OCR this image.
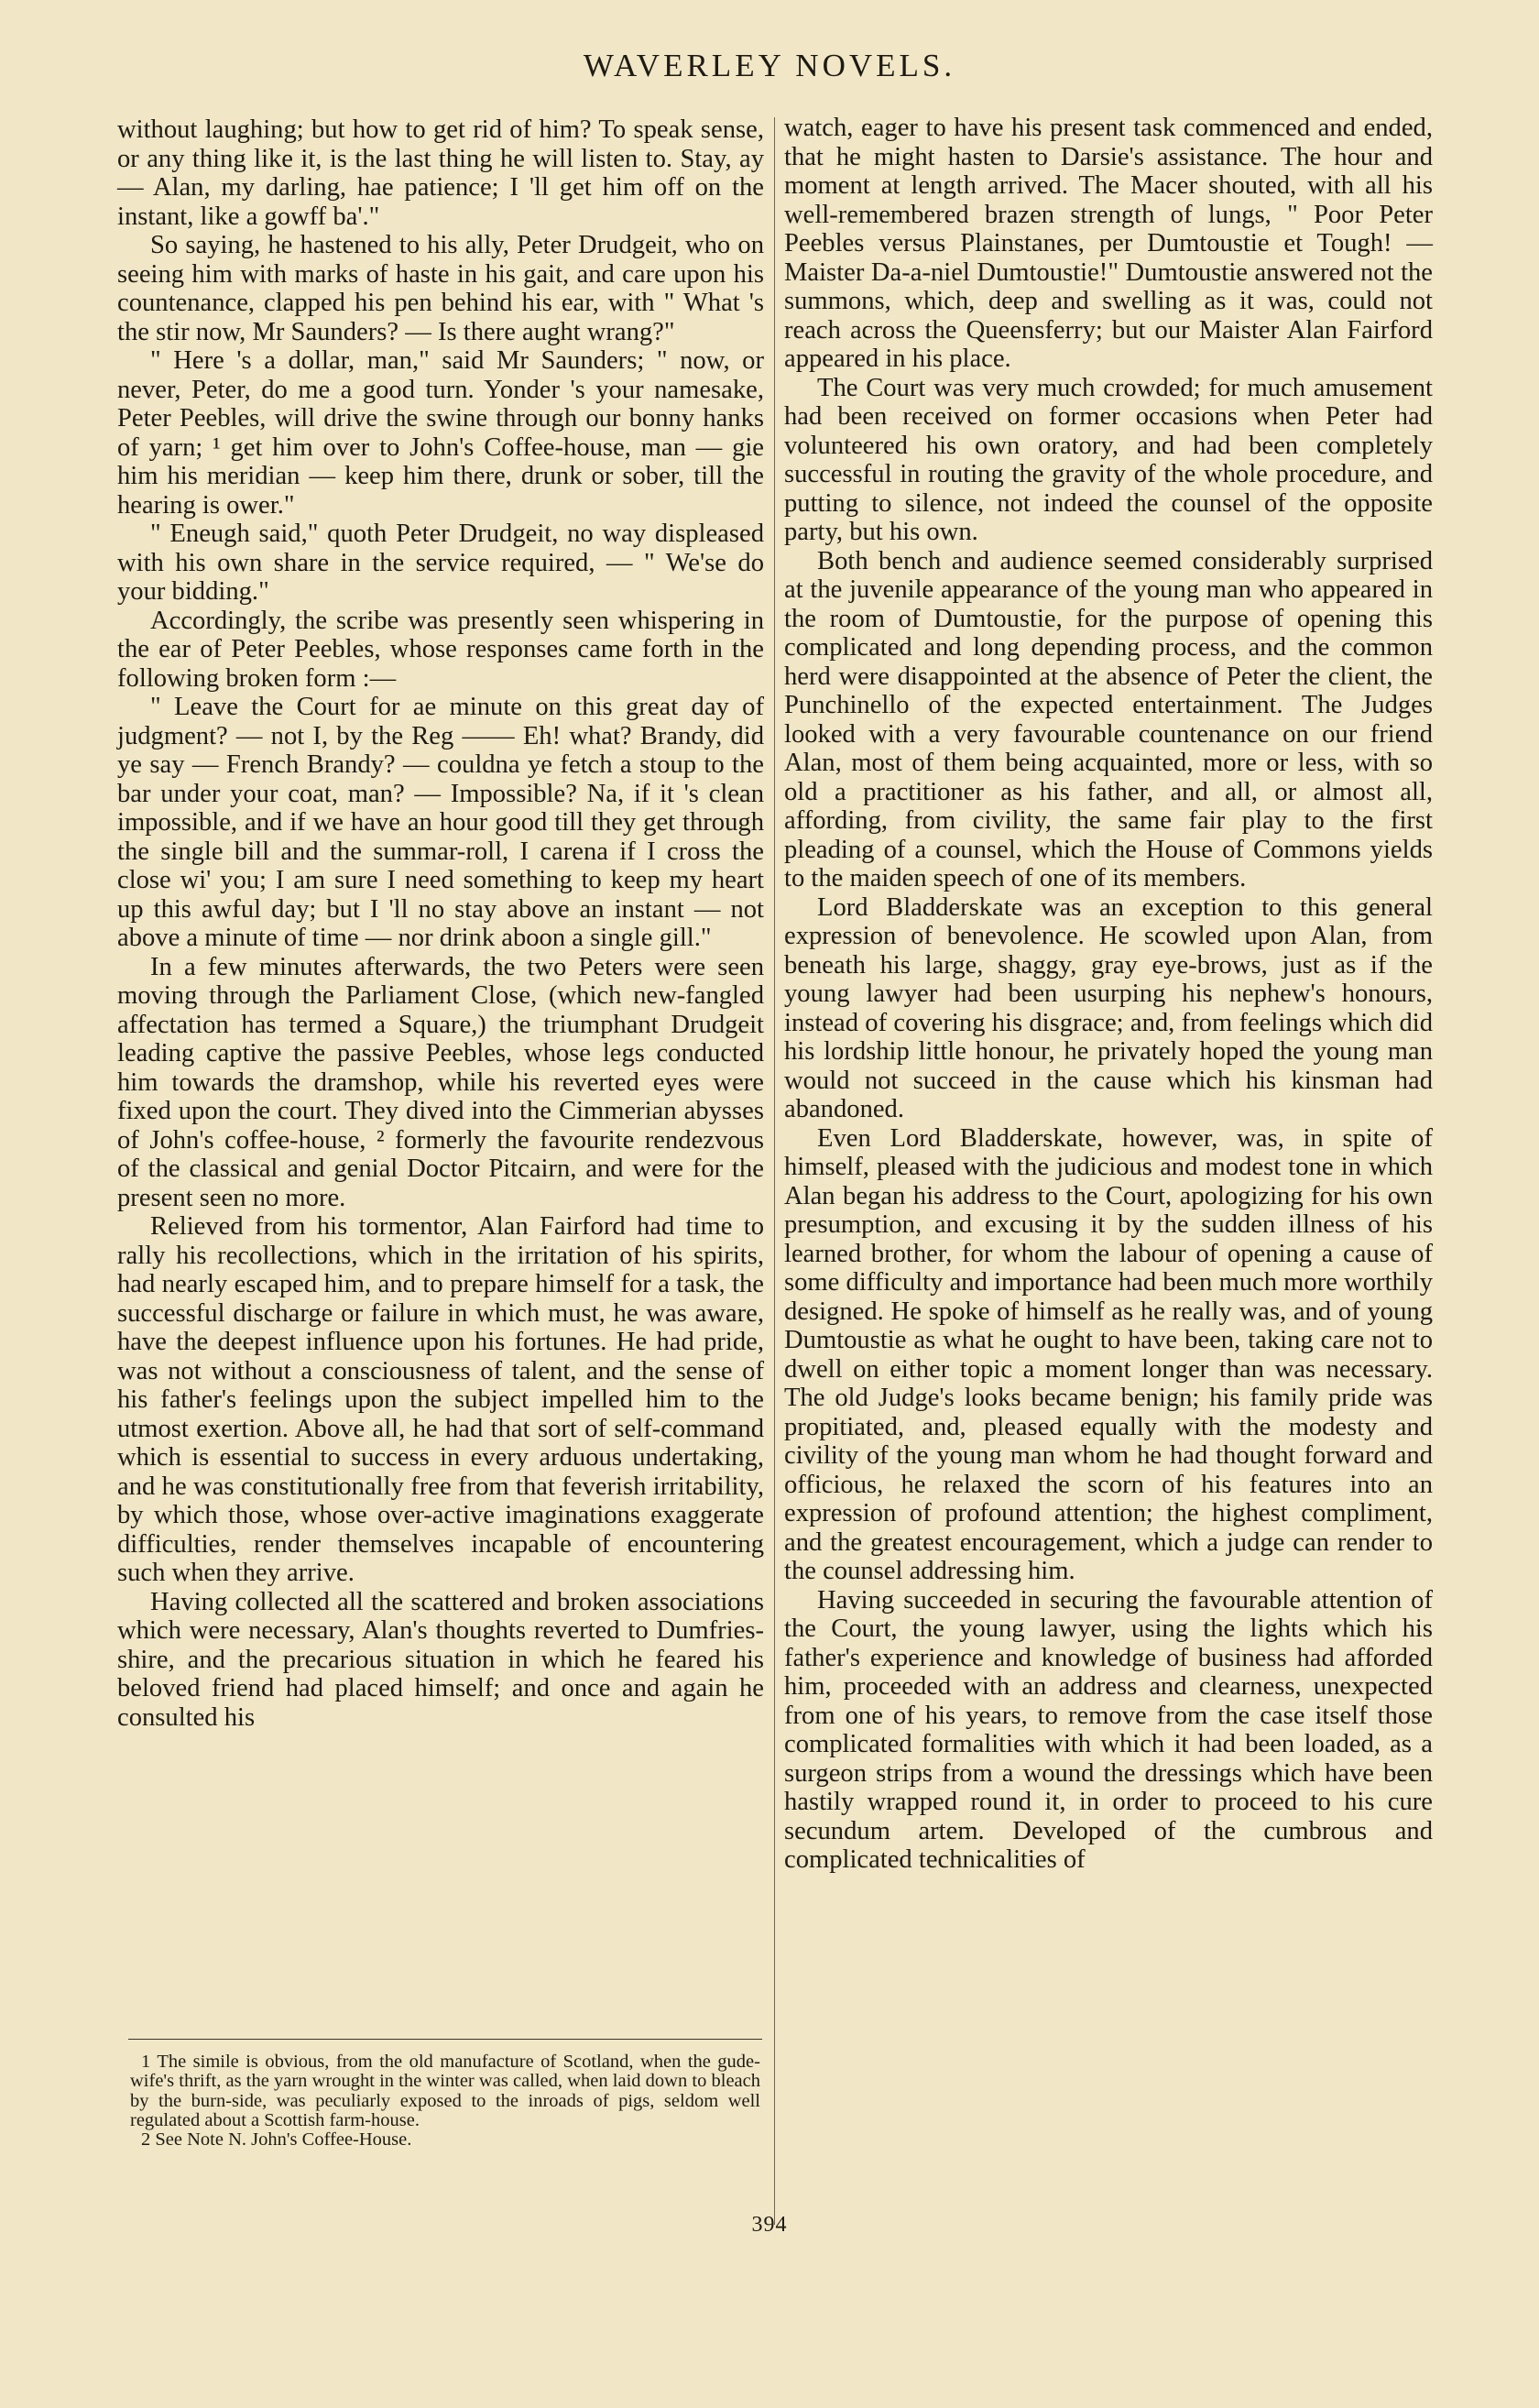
WAVERLEY NOVELS.

without laughing; but how to get rid of him? To speak sense, or any thing like it, is the last thing he will listen to. Stay, ay — Alan, my darling, hae patience; I 'll get him off on the instant, like a gowff ba'."

So saying, he hastened to his ally, Peter Drudgeit, who on seeing him with marks of haste in his gait, and care upon his countenance, clapped his pen behind his ear, with " What 's the stir now, Mr Saunders? — Is there aught wrang?"

" Here 's a dollar, man," said Mr Saunders; " now, or never, Peter, do me a good turn. Yonder 's your namesake, Peter Peebles, will drive the swine through our bonny hanks of yarn; ¹ get him over to John's Coffee-house, man — gie him his meridian — keep him there, drunk or sober, till the hearing is ower."

" Eneugh said," quoth Peter Drudgeit, no way displeased with his own share in the service required, — " We'se do your bidding."

Accordingly, the scribe was presently seen whispering in the ear of Peter Peebles, whose responses came forth in the following broken form :—

" Leave the Court for ae minute on this great day of judgment? — not I, by the Reg —— Eh! what? Brandy, did ye say — French Brandy? — couldna ye fetch a stoup to the bar under your coat, man? — Impossible? Na, if it 's clean impossible, and if we have an hour good till they get through the single bill and the summar-roll, I carena if I cross the close wi' you; I am sure I need something to keep my heart up this awful day; but I 'll no stay above an instant — not above a minute of time — nor drink aboon a single gill."

In a few minutes afterwards, the two Peters were seen moving through the Parliament Close, (which new-fangled affectation has termed a Square,) the triumphant Drudgeit leading captive the passive Peebles, whose legs conducted him towards the dramshop, while his reverted eyes were fixed upon the court. They dived into the Cimmerian abysses of John's coffee-house, ² formerly the favourite rendezvous of the classical and genial Doctor Pitcairn, and were for the present seen no more.

Relieved from his tormentor, Alan Fairford had time to rally his recollections, which in the irritation of his spirits, had nearly escaped him, and to prepare himself for a task, the successful discharge or failure in which must, he was aware, have the deepest influence upon his fortunes. He had pride, was not without a consciousness of talent, and the sense of his father's feelings upon the subject impelled him to the utmost exertion. Above all, he had that sort of self-command which is essential to success in every arduous undertaking, and he was constitutionally free from that feverish irritability, by which those, whose over-active imaginations exaggerate difficulties, render themselves incapable of encountering such when they arrive.

Having collected all the scattered and broken associations which were necessary, Alan's thoughts reverted to Dumfries-shire, and the precarious situation in which he feared his beloved friend had placed himself; and once and again he consulted his

watch, eager to have his present task commenced and ended, that he might hasten to Darsie's assistance. The hour and moment at length arrived. The Macer shouted, with all his well-remembered brazen strength of lungs, " Poor Peter Peebles versus Plainstanes, per Dumtoustie et Tough! — Maister Da-a-niel Dumtoustie!" Dumtoustie answered not the summons, which, deep and swelling as it was, could not reach across the Queensferry; but our Maister Alan Fairford appeared in his place.

The Court was very much crowded; for much amusement had been received on former occasions when Peter had volunteered his own oratory, and had been completely successful in routing the gravity of the whole procedure, and putting to silence, not indeed the counsel of the opposite party, but his own.

Both bench and audience seemed considerably surprised at the juvenile appearance of the young man who appeared in the room of Dumtoustie, for the purpose of opening this complicated and long depending process, and the common herd were disappointed at the absence of Peter the client, the Punchinello of the expected entertainment. The Judges looked with a very favourable countenance on our friend Alan, most of them being acquainted, more or less, with so old a practitioner as his father, and all, or almost all, affording, from civility, the same fair play to the first pleading of a counsel, which the House of Commons yields to the maiden speech of one of its members.

Lord Bladderskate was an exception to this general expression of benevolence. He scowled upon Alan, from beneath his large, shaggy, gray eye-brows, just as if the young lawyer had been usurping his nephew's honours, instead of covering his disgrace; and, from feelings which did his lordship little honour, he privately hoped the young man would not succeed in the cause which his kinsman had abandoned.

Even Lord Bladderskate, however, was, in spite of himself, pleased with the judicious and modest tone in which Alan began his address to the Court, apologizing for his own presumption, and excusing it by the sudden illness of his learned brother, for whom the labour of opening a cause of some difficulty and importance had been much more worthily designed. He spoke of himself as he really was, and of young Dumtoustie as what he ought to have been, taking care not to dwell on either topic a moment longer than was necessary. The old Judge's looks became benign; his family pride was propitiated, and, pleased equally with the modesty and civility of the young man whom he had thought forward and officious, he relaxed the scorn of his features into an expression of profound attention; the highest compliment, and the greatest encouragement, which a judge can render to the counsel addressing him.

Having succeeded in securing the favourable attention of the Court, the young lawyer, using the lights which his father's experience and knowledge of business had afforded him, proceeded with an address and clearness, unexpected from one of his years, to remove from the case itself those complicated formalities with which it had been loaded, as a surgeon strips from a wound the dressings which have been hastily wrapped round it, in order to proceed to his cure secundum artem. Developed of the cumbrous and complicated technicalities of

1 The simile is obvious, from the old manufacture of Scotland, when the gude-wife's thrift, as the yarn wrought in the winter was called, when laid down to bleach by the burn-side, was peculiarly exposed to the inroads of pigs, seldom well regulated about a Scottish farm-house.

2 See Note N. John's Coffee-House.

394
